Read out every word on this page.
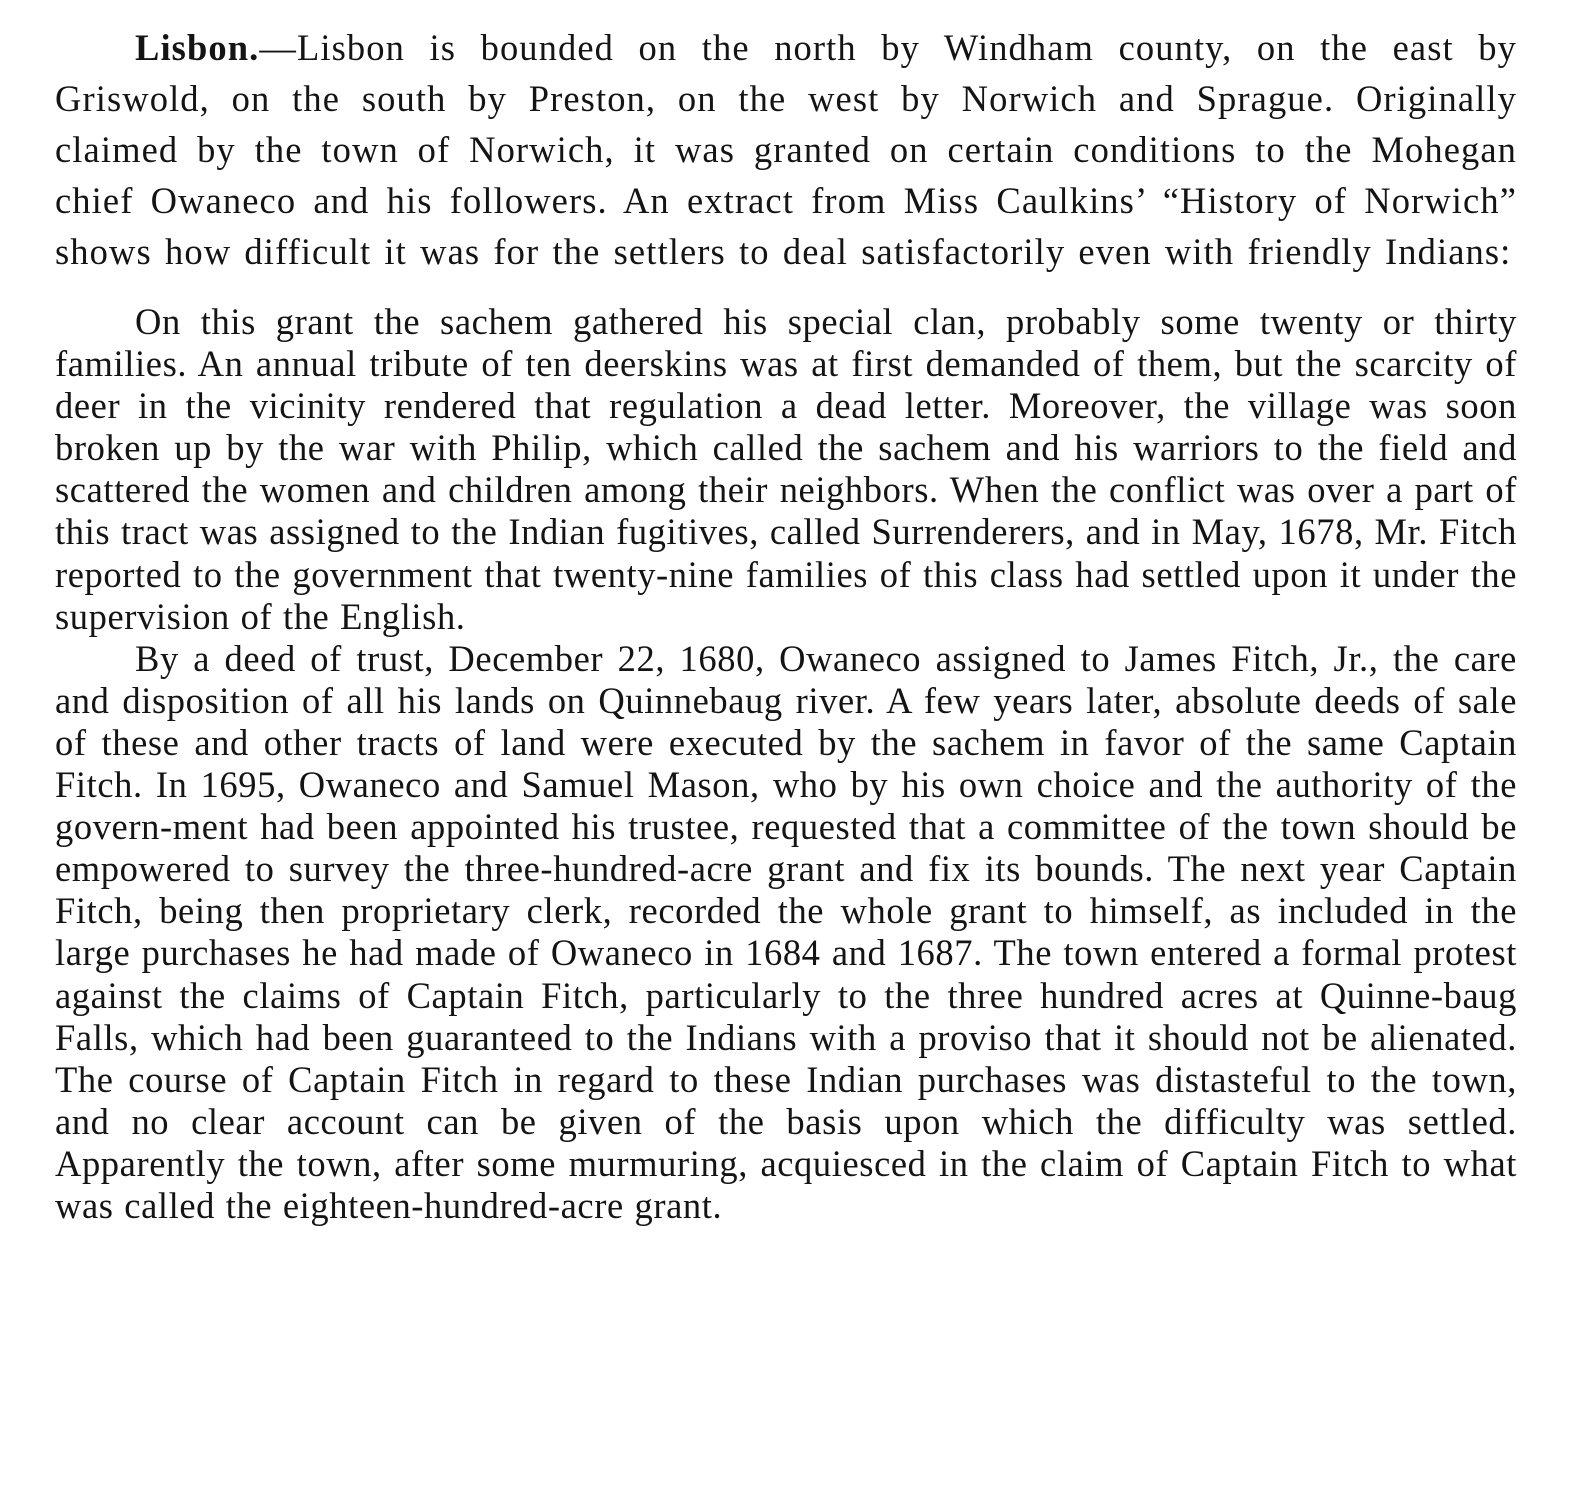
Lisbon.—Lisbon is bounded on the north by Windham county, on the east by Griswold, on the south by Preston, on the west by Norwich and Sprague. Originally claimed by the town of Norwich, it was granted on certain conditions to the Mohegan chief Owaneco and his followers. An extract from Miss Caulkins’ “History of Norwich” shows how difficult it was for the settlers to deal satisfactorily even with friendly Indians:

On this grant the sachem gathered his special clan, probably some twenty or thirty families. An annual tribute of ten deerskins was at first demanded of them, but the scarcity of deer in the vicinity rendered that regulation a dead letter. Moreover, the village was soon broken up by the war with Philip, which called the sachem and his warriors to the field and scattered the women and children among their neighbors. When the conflict was over a part of this tract was assigned to the Indian fugitives, called Surrenderers, and in May, 1678, Mr. Fitch reported to the government that twenty-nine families of this class had settled upon it under the supervision of the English.

By a deed of trust, December 22, 1680, Owaneco assigned to James Fitch, Jr., the care and disposition of all his lands on Quinnebaug river. A few years later, absolute deeds of sale of these and other tracts of land were executed by the sachem in favor of the same Captain Fitch. In 1695, Owaneco and Samuel Mason, who by his own choice and the authority of the govern-ment had been appointed his trustee, requested that a committee of the town should be empowered to survey the three-hundred-acre grant and fix its bounds. The next year Captain Fitch, being then proprietary clerk, recorded the whole grant to himself, as included in the large purchases he had made of Owaneco in 1684 and 1687. The town entered a formal protest against the claims of Captain Fitch, particularly to the three hundred acres at Quinne-baug Falls, which had been guaranteed to the Indians with a proviso that it should not be alienated. The course of Captain Fitch in regard to these Indian purchases was distasteful to the town, and no clear account can be given of the basis upon which the difficulty was settled. Apparently the town, after some murmuring, acquiesced in the claim of Captain Fitch to what was called the eighteen-hundred-acre grant.
